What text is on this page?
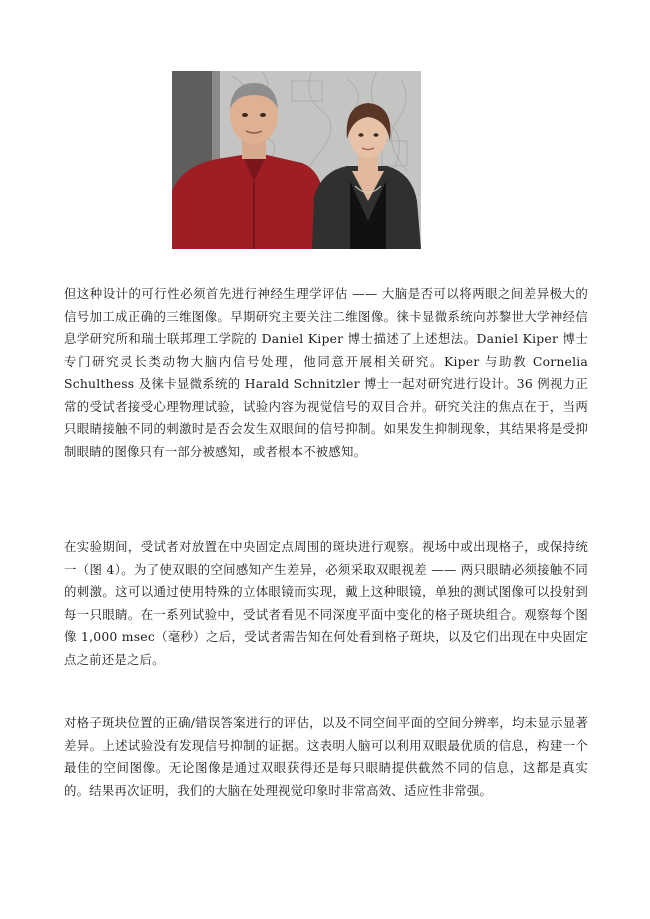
但这种设计的可行性必须首先进行神经生理学评估 —— 大脑是否可以将两眼之间差异极大的信号加工成正确的三维图像。早期研究主要关注二维图像。徕卡显微系统向苏黎世大学神经信息学研究所和瑞士联邦理工学院的 Daniel Kiper 博士描述了上述想法。Daniel Kiper 博士专门研究灵长类动物大脑内信号处理，他同意开展相关研究。Kiper 与助教 Cornelia Schulthess 及徕卡显微系统的 Harald Schnitzler 博士一起对研究进行设计。36 例视力正常的受试者接受心理物理试验，试验内容为视觉信号的双目合并。研究关注的焦点在于，当两只眼睛接触不同的刺激时是否会发生双眼间的信号抑制。如果发生抑制现象，其结果将是受抑制眼睛的图像只有一部分被感知，或者根本不被感知。

在实验期间，受试者对放置在中央固定点周围的斑块进行观察。视场中或出现格子，或保持统一（图 4）。为了使双眼的空间感知产生差异，必须采取双眼视差 —— 两只眼睛必须接触不同的刺激。这可以通过使用特殊的立体眼镜而实现，戴上这种眼镜，单独的测试图像可以投射到每一只眼睛。在一系列试验中，受试者看见不同深度平面中变化的格子斑块组合。观察每个图像 1,000 msec（毫秒）之后，受试者需告知在何处看到格子斑块，以及它们出现在中央固定点之前还是之后。

对格子斑块位置的正确/错误答案进行的评估，以及不同空间平面的空间分辨率，均未显示显著差异。上述试验没有发现信号抑制的证据。这表明人脑可以利用双眼最优质的信息，构建一个最佳的空间图像。无论图像是通过双眼获得还是每只眼睛提供截然不同的信息，这都是真实的。结果再次证明，我们的大脑在处理视觉印象时非常高效、适应性非常强。
